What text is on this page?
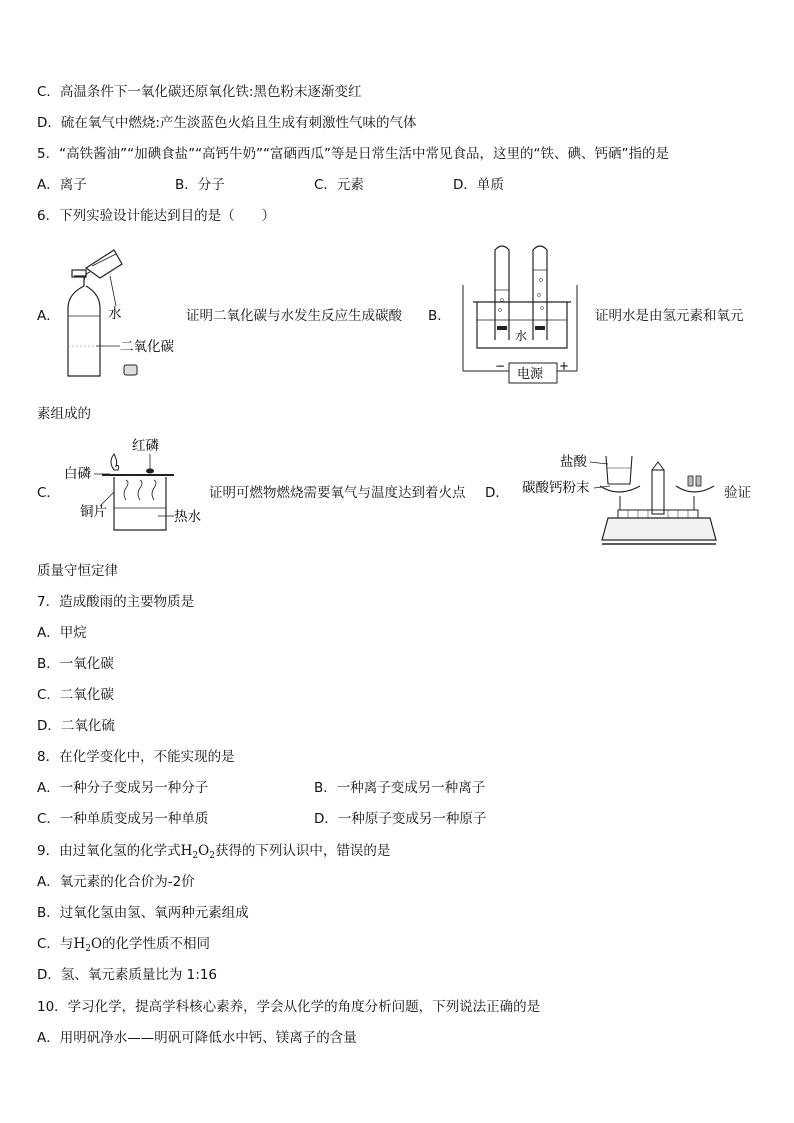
C．高温条件下一氧化碳还原氧化铁:黑色粉末逐渐变红
D．硫在氧气中燃烧:产生淡蓝色火焰且生成有刺激性气味的气体
5．“高铁酱油”“加碘食盐”“高钙牛奶”“富硒西瓜”等是日常生活中常见食品，这里的“铁、碘、钙硒”指的是
A．离子	B．分子	C．元素	D．单质
6．下列实验设计能达到目的是（　　）
A．	水
二氧化碳
证明二氧化碳与水发生反应生成碳酸 B．
水
电源
−	+
证明水是由氢元素和氧元
素组成的
C．
红磷
白磷
铜片	热水
证明可燃物燃烧需要氧气与温度达到着火点 D．
盐酸
碳酸钙粉末	验证
质量守恒定律
7．造成酸雨的主要物质是
A．甲烷
B．一氧化碳
C．二氧化碳
D．二氧化硫
8．在化学变化中，不能实现的是
A．一种分子变成另一种分子	B．一种离子变成另一种离子
C．一种单质变成另一种单质	D．一种原子变成另一种原子
9．由过氧化氢的化学式$H_2O_2$获得的下列认识中，错误的是
A．氧元素的化合价为-2价
B．过氧化氢由氢、氧两种元素组成
C．与$H_2O$的化学性质不相同
D．氢、氧元素质量比为 1:16
10．学习化学，提高学科核心素养，学会从化学的角度分析问题，下列说法正确的是
A．用明矾净水——明矾可降低水中钙、镁离子的含量
